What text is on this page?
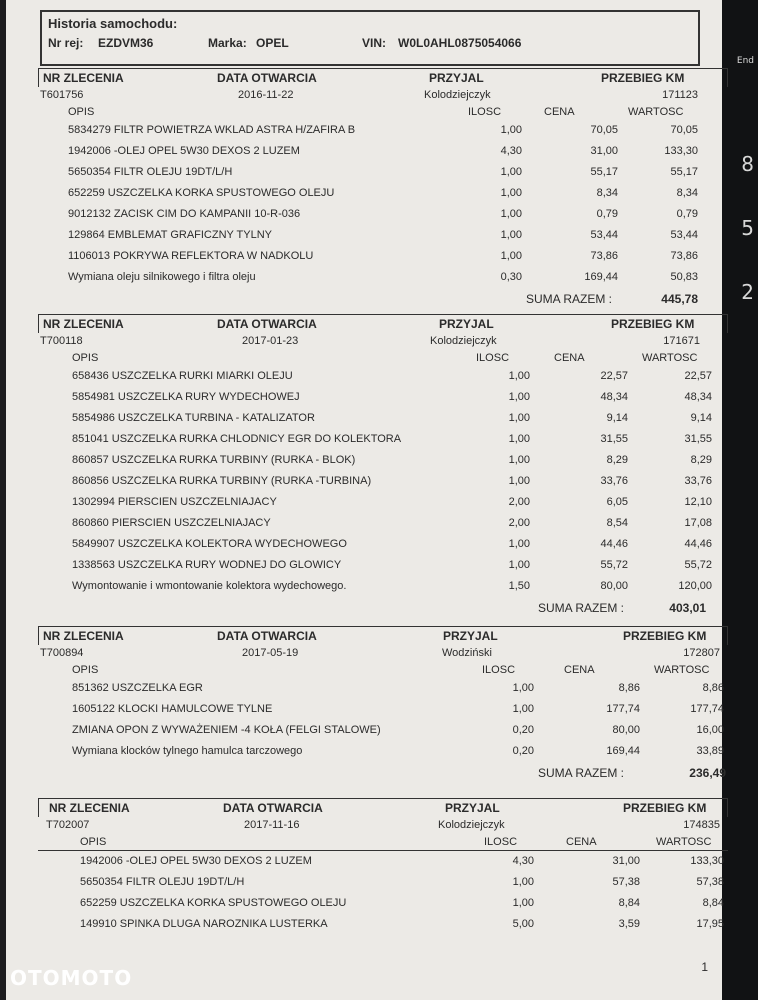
End
8
5
2
Historia samochodu:
Nr rej: EZDVM36	Marka: OPEL	VIN: W0L0AHL0875054066
NR ZLECENIA	DATA OTWARCIA	PRZYJAL	PRZEBIEG KM
T601756	2016-11-22	Kolodziejczyk	171123
OPIS	ILOSC	CENA	WARTOSC
5834279 FILTR POWIETRZA WKLAD ASTRA H/ZAFIRA B	1,00	70,05	70,05
1942006 -OLEJ OPEL 5W30 DEXOS 2 LUZEM	4,30	31,00	133,30
5650354 FILTR OLEJU 19DT/L/H	1,00	55,17	55,17
652259 USZCZELKA KORKA SPUSTOWEGO OLEJU	1,00	8,34	8,34
9012132 ZACISK CIM DO KAMPANII 10-R-036	1,00	0,79	0,79
129864 EMBLEMAT GRAFICZNY TYLNY	1,00	53,44	53,44
1106013 POKRYWA REFLEKTORA W NADKOLU	1,00	73,86	73,86
Wymiana oleju silnikowego i filtra oleju	0,30	169,44	50,83
SUMA RAZEM :	445,78
NR ZLECENIA	DATA OTWARCIA	PRZYJAL	PRZEBIEG KM
T700118	2017-01-23	Kolodziejczyk	171671
OPIS	ILOSC	CENA	WARTOSC
658436 USZCZELKA RURKI MIARKI OLEJU	1,00	22,57	22,57
5854981 USZCZELKA RURY WYDECHOWEJ	1,00	48,34	48,34
5854986 USZCZELKA TURBINA - KATALIZATOR	1,00	9,14	9,14
851041 USZCZELKA RURKA CHLODNICY EGR DO KOLEKTORA	1,00	31,55	31,55
860857 USZCZELKA RURKA TURBINY (RURKA - BLOK)	1,00	8,29	8,29
860856 USZCZELKA RURKA TURBINY (RURKA -TURBINA)	1,00	33,76	33,76
1302994 PIERSCIEN USZCZELNIAJACY	2,00	6,05	12,10
860860 PIERSCIEN USZCZELNIAJACY	2,00	8,54	17,08
5849907 USZCZELKA KOLEKTORA WYDECHOWEGO	1,00	44,46	44,46
1338563 USZCZELKA RURY WODNEJ DO GLOWICY	1,00	55,72	55,72
Wymontowanie i wmontowanie kolektora wydechowego.	1,50	80,00	120,00
SUMA RAZEM :	403,01
NR ZLECENIA	DATA OTWARCIA	PRZYJAL	PRZEBIEG KM
T700894	2017-05-19	Wodziński	172807
OPIS	ILOSC	CENA	WARTOSC
851362 USZCZELKA EGR	1,00	8,86	8,86
1605122 KLOCKI HAMULCOWE TYLNE	1,00	177,74	177,74
ZMIANA OPON Z WYWAŻENIEM -4 KOŁA (FELGI STALOWE)	0,20	80,00	16,00
Wymiana klocków tylnego hamulca tarczowego	0,20	169,44	33,89
SUMA RAZEM :	236,49
NR ZLECENIA	DATA OTWARCIA	PRZYJAL	PRZEBIEG KM
T702007	2017-11-16	Kolodziejczyk	174835
OPIS	ILOSC	CENA	WARTOSC
1942006 -OLEJ OPEL 5W30 DEXOS 2 LUZEM	4,30	31,00	133,30
5650354 FILTR OLEJU 19DT/L/H	1,00	57,38	57,38
652259 USZCZELKA KORKA SPUSTOWEGO OLEJU	1,00	8,84	8,84
149910 SPINKA DLUGA NAROZNIKA LUSTERKA	5,00	3,59	17,95
1
OTOMOTO
